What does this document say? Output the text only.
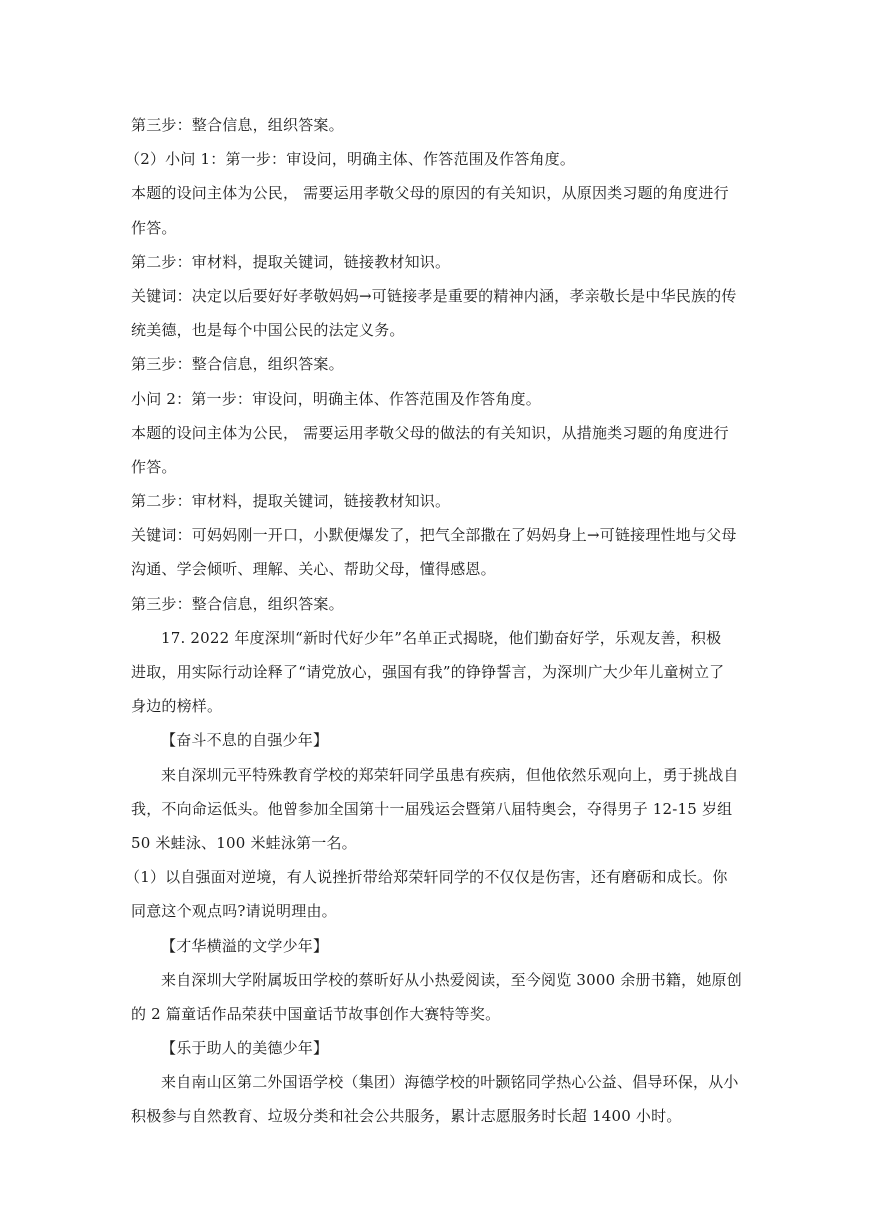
第三步：整合信息，组织答案。
（2）小问 1：第一步：审设问，明确主体、作答范围及作答角度。
本题的设问主体为公民， 需要运用孝敬父母的原因的有关知识，从原因类习题的角度进行
作答。
第二步：审材料，提取关键词，链接教材知识。
关键词：决定以后要好好孝敬妈妈→可链接孝是重要的精神内涵，孝亲敬长是中华民族的传
统美德，也是每个中国公民的法定义务。
第三步：整合信息，组织答案。
小问 2：第一步：审设问，明确主体、作答范围及作答角度。
本题的设问主体为公民， 需要运用孝敬父母的做法的有关知识，从措施类习题的角度进行
作答。
第二步：审材料，提取关键词，链接教材知识。
关键词：可妈妈刚一开口，小默便爆发了，把气全部撒在了妈妈身上→可链接理性地与父母
沟通、学会倾听、理解、关心、帮助父母，懂得感恩。
第三步：整合信息，组织答案。
17. 2022 年度深圳“新时代好少年”名单正式揭晓，他们勤奋好学，乐观友善，积极
进取，用实际行动诠释了“请党放心，强国有我”的铮铮誓言，为深圳广大少年儿童树立了
身边的榜样。
【奋斗不息的自强少年】
来自深圳元平特殊教育学校的郑荣轩同学虽患有疾病，但他依然乐观向上，勇于挑战自
我，不向命运低头。他曾参加全国第十一届残运会暨第八届特奥会，夺得男子 12-15 岁组
50 米蛙泳、100 米蛙泳第一名。
（1）以自强面对逆境，有人说挫折带给郑荣轩同学的不仅仅是伤害，还有磨砺和成长。你
同意这个观点吗?请说明理由。
【才华横溢的文学少年】
来自深圳大学附属坂田学校的蔡昕好从小热爱阅读，至今阅览 3000 余册书籍，她原创
的 2 篇童话作品荣获中国童话节故事创作大赛特等奖。
【乐于助人的美德少年】
来自南山区第二外国语学校（集团）海德学校的叶颢铭同学热心公益、倡导环保，从小
积极参与自然教育、垃圾分类和社会公共服务，累计志愿服务时长超 1400 小时。
